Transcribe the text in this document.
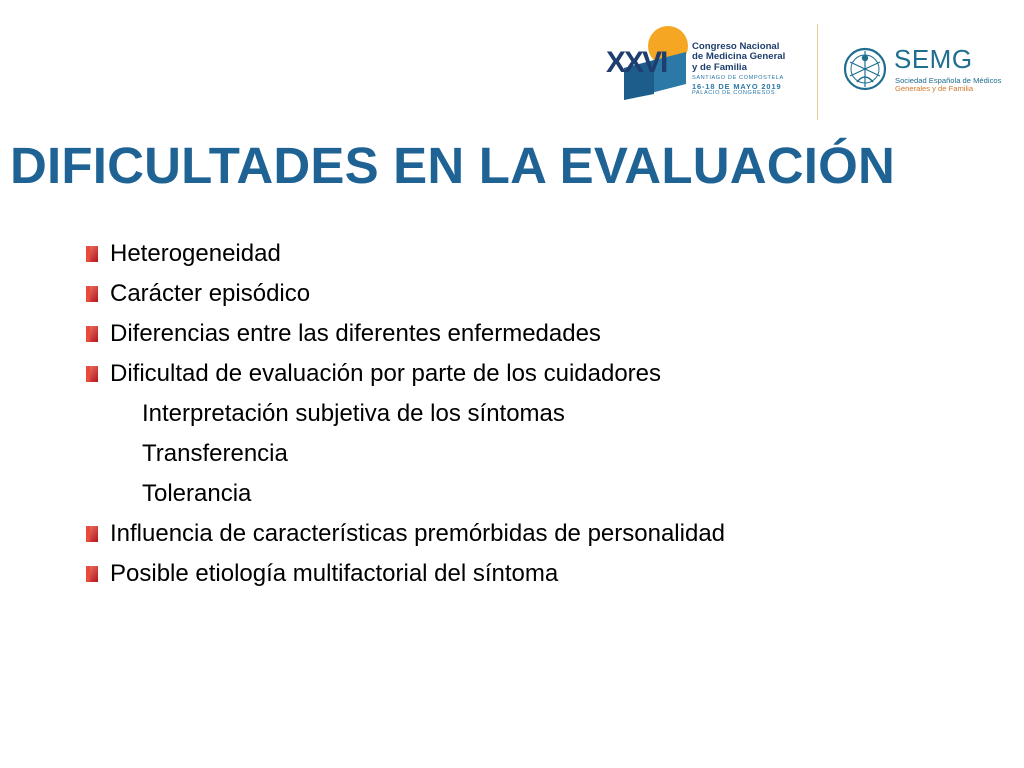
XXVI	Congreso Nacional
de Medicina General
y de Familia
SANTIAGO DE COMPOSTELA
16-18 DE MAYO 2019
PALACIO DE CONGRESOS
SEMG
Sociedad Española de Médicos
Generales y de Familia
DIFICULTADES EN LA EVALUACIÓN
Heterogeneidad
Carácter episódico
Diferencias entre las diferentes enfermedades
Dificultad de evaluación por parte de los cuidadores
Interpretación subjetiva de los síntomas
Transferencia
Tolerancia
Influencia de características premórbidas de personalidad
Posible etiología multifactorial del síntoma
